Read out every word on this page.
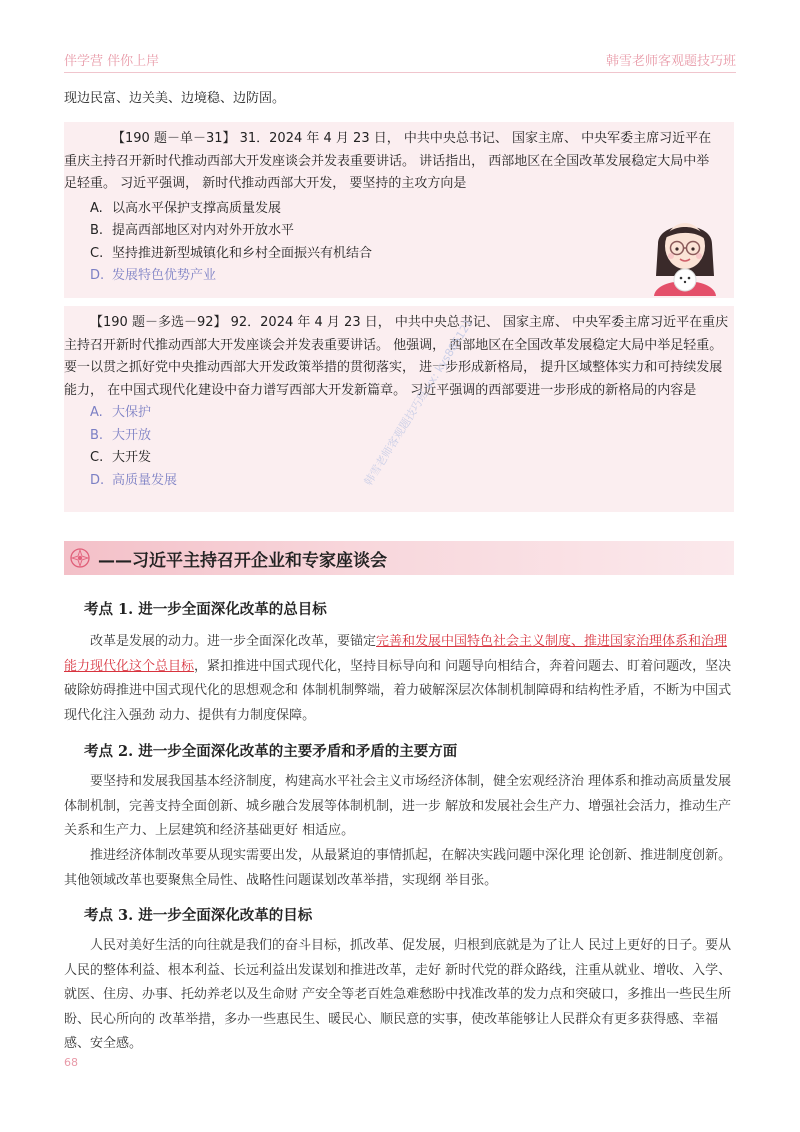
伴学营 伴你上岸	韩雪老师客观题技巧班
现边民富、边关美、边境稳、边防固。
【190 题－单－31】 31．2024 年 4 月 23 日， 中共中央总书记、 国家主席、 中央军委主席习近平在重庆主持召开新时代推动西部大开发座谈会并发表重要讲话。 讲话指出， 西部地区在全国改革发展稳定大局中举足轻重。 习近平强调， 新时代推动西部大开发， 要坚持的主攻方向是
A. 以高水平保护支撑高质量发展
B. 提高西部地区对内对外开放水平
C. 坚持推进新型城镇化和乡村全面振兴有机结合
D. 发展特色优势产业
【190 题－多选－92】 92．2024 年 4 月 23 日， 中共中央总书记、 国家主席、 中央军委主席习近平在重庆主持召开新时代推动西部大开发座谈会并发表重要讲话。 他强调， 西部地区在全国改革发展稳定大局中举足轻重。 要一以贯之抓好党中央推动西部大开发政策举措的贯彻落实， 进一步形成新格局， 提升区域整体实力和可持续发展能力， 在中国式现代化建设中奋力谱写西部大开发新篇章。 习近平强调的西部要进一步形成的新格局的内容是
A. 大保护
B. 大开放
C. 大开发
D. 高质量发展
——习近平主持召开企业和专家座谈会
韩雪老师客观题技巧班 vx: kys885121
考点 1. 进一步全面深化改革的总目标
改革是发展的动力。进一步全面深化改革，要锚定完善和发展中国特色社会主义制度、推进国家治理体系和治理能力现代化这个总目标，紧扣推进中国式现代化，坚持目标导向和 问题导向相结合，奔着问题去、盯着问题改，坚决破除妨碍推进中国式现代化的思想观念和 体制机制弊端，着力破解深层次体制机制障碍和结构性矛盾，不断为中国式现代化注入强劲 动力、提供有力制度保障。
考点 2. 进一步全面深化改革的主要矛盾和矛盾的主要方面
要坚持和发展我国基本经济制度，构建高水平社会主义市场经济体制，健全宏观经济治 理体系和推动高质量发展体制机制，完善支持全面创新、城乡融合发展等体制机制，进一步 解放和发展社会生产力、增强社会活力，推动生产关系和生产力、上层建筑和经济基础更好 相适应。
推进经济体制改革要从现实需要出发，从最紧迫的事情抓起，在解决实践问题中深化理 论创新、推进制度创新。其他领域改革也要聚焦全局性、战略性问题谋划改革举措，实现纲 举目张。
考点 3. 进一步全面深化改革的目标
人民对美好生活的向往就是我们的奋斗目标，抓改革、促发展，归根到底就是为了让人 民过上更好的日子。要从人民的整体利益、根本利益、长远利益出发谋划和推进改革，走好 新时代党的群众路线，注重从就业、增收、入学、就医、住房、办事、托幼养老以及生命财 产安全等老百姓急难愁盼中找准改革的发力点和突破口，多推出一些民生所盼、民心所向的 改革举措，多办一些惠民生、暖民心、顺民意的实事，使改革能够让人民群众有更多获得感、幸福感、安全感。
68
